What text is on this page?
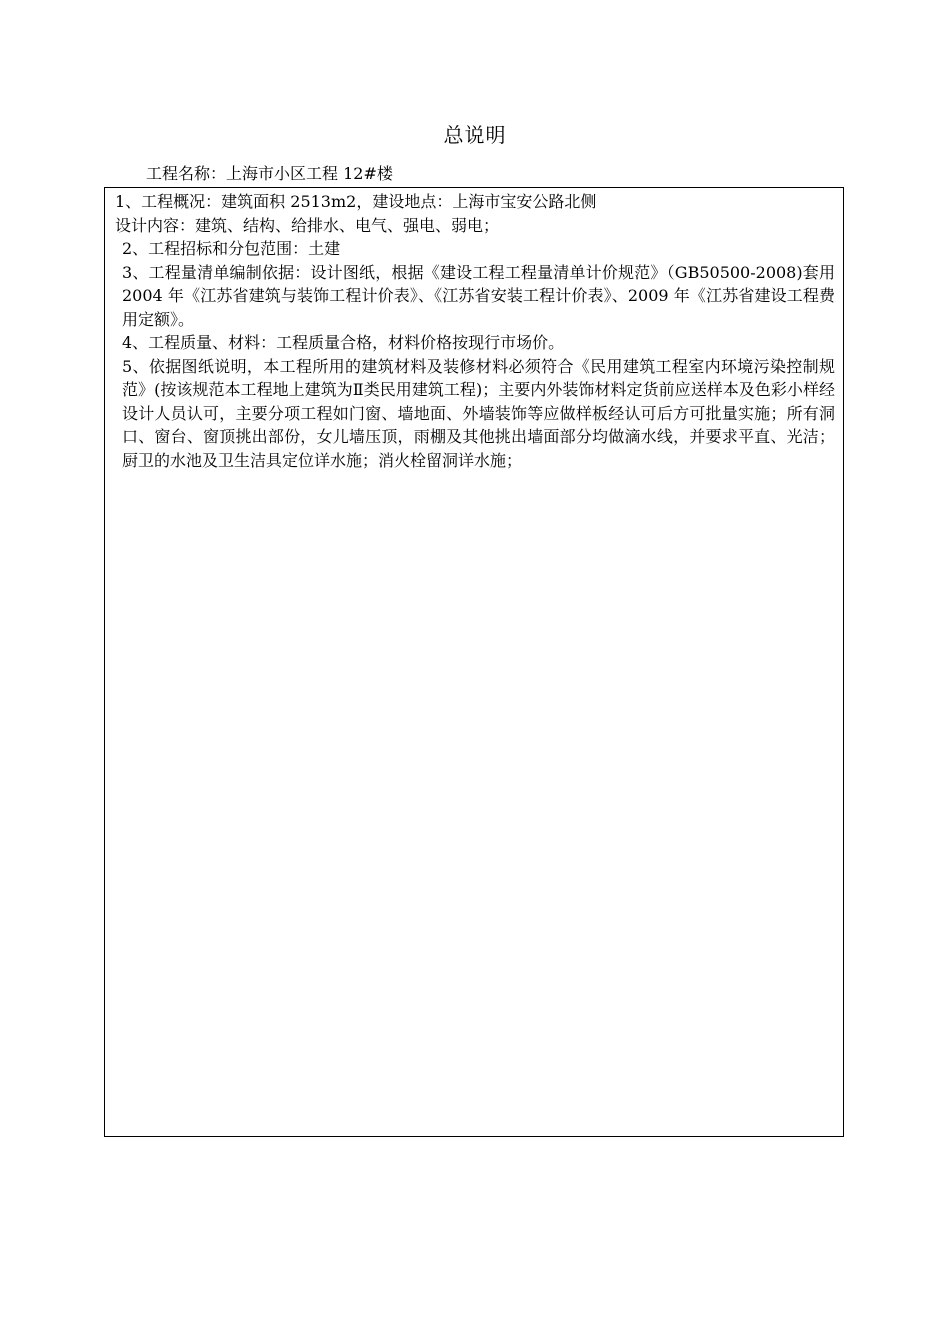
总说明
工程名称：上海市小区工程 12#楼

1、工程概况：建筑面积 2513m2，建设地点：上海市宝安公路北侧

设计内容：建筑、结构、给排水、电气、强电、弱电；

2、工程招标和分包范围：土建

3、工程量清单编制依据：设计图纸，根据《建设工程工程量清单计价规范》（GB50500-2008)套用 2004 年《江苏省建筑与装饰工程计价表》、《江苏省安装工程计价表》、2009 年《江苏省建设工程费用定额》。

4、工程质量、材料：工程质量合格，材料价格按现行市场价。

5、依据图纸说明，本工程所用的建筑材料及装修材料必须符合《民用建筑工程室内环境污染控制规范》(按该规范本工程地上建筑为Ⅱ类民用建筑工程)；主要内外装饰材料定货前应送样本及色彩小样经设计人员认可，主要分项工程如门窗、墙地面、外墙装饰等应做样板经认可后方可批量实施；所有洞口、窗台、窗顶挑出部份，女儿墙压顶，雨棚及其他挑出墙面部分均做滴水线，并要求平直、光洁；厨卫的水池及卫生洁具定位详水施；消火栓留洞详水施；
